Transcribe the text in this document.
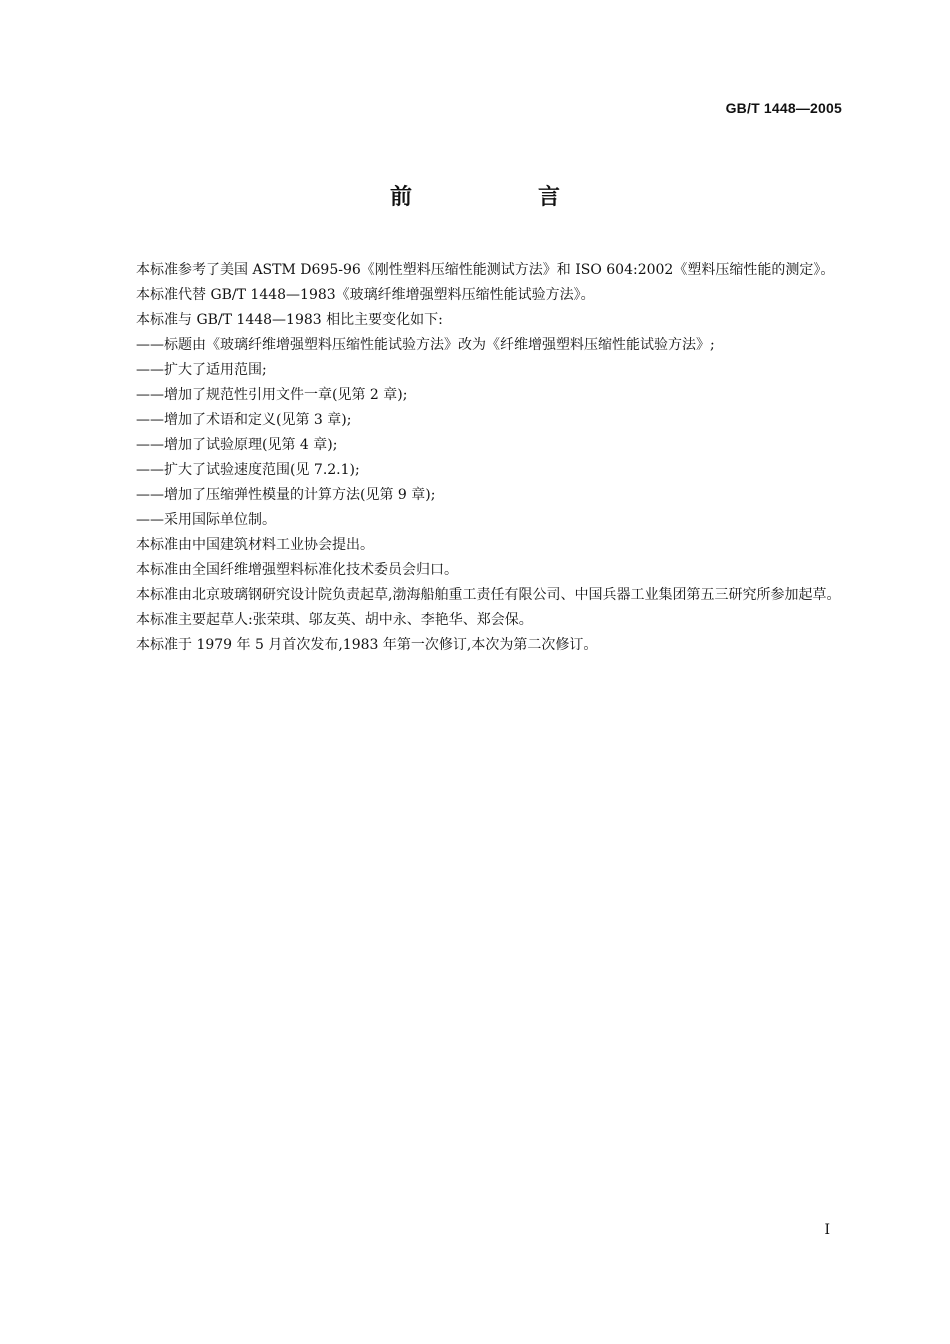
GB/T 1448—2005
前　言

本标准参考了美国 ASTM D695-96《刚性塑料压缩性能测试方法》和 ISO 604:2002《塑料压缩性能的测定》。

本标准代替 GB/T 1448—1983《玻璃纤维增强塑料压缩性能试验方法》。

本标准与 GB/T 1448—1983 相比主要变化如下:

——标题由《玻璃纤维增强塑料压缩性能试验方法》改为《纤维增强塑料压缩性能试验方法》;

——扩大了适用范围;

——增加了规范性引用文件一章(见第 2 章);

——增加了术语和定义(见第 3 章);

——增加了试验原理(见第 4 章);

——扩大了试验速度范围(见 7.2.1);

——增加了压缩弹性模量的计算方法(见第 9 章);

——采用国际单位制。

本标准由中国建筑材料工业协会提出。

本标准由全国纤维增强塑料标准化技术委员会归口。

本标准由北京玻璃钢研究设计院负责起草,渤海船舶重工责任有限公司、中国兵器工业集团第五三研究所参加起草。

本标准主要起草人:张荣琪、邬友英、胡中永、李艳华、郑会保。

本标准于 1979 年 5 月首次发布,1983 年第一次修订,本次为第二次修订。

I
